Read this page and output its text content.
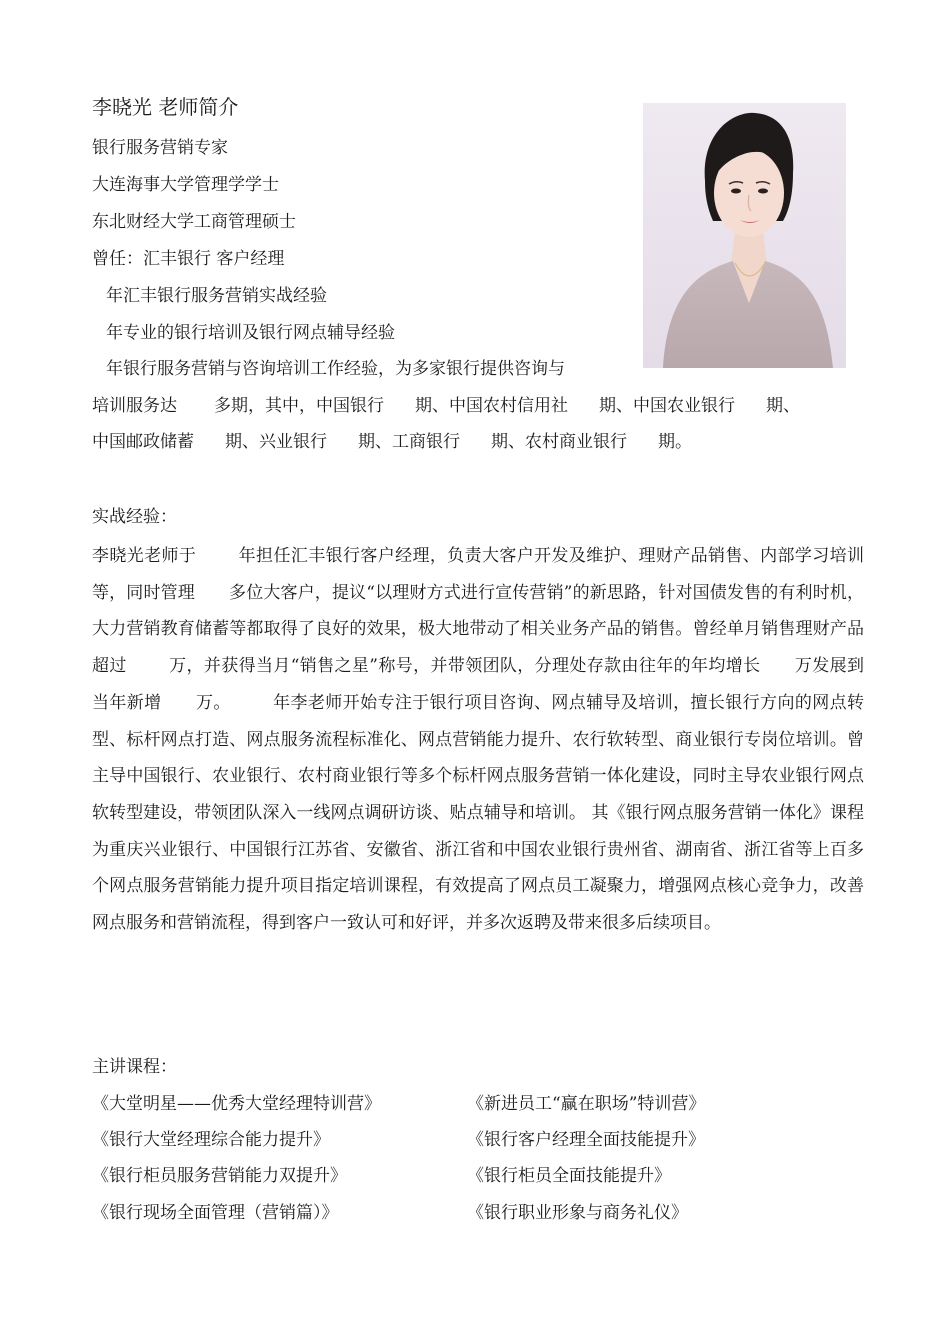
李晓光 老师简介
银行服务营销专家
大连海事大学管理学学士
东北财经大学工商管理硕士
曾任：汇丰银行 客户经理
年汇丰银行服务营销实战经验
年专业的银行培训及银行网点辅导经验
年银行服务营销与咨询培训工作经验，为多家银行提供咨询与
培训服务达 多期，其中，中国银行 期、中国农村信用社 期、中国农业银行 期、
中国邮政储蓄 期、兴业银行 期、工商银行 期、农村商业银行 期。
实战经验：
李晓光老师于 年担任汇丰银行客户经理，负责大客户开发及维护、理财产品销售、内部学习培训等，同时管理 多位大客户，提议“以理财方式进行宣传营销”的新思路，针对国债发售的有利时机，大力营销教育储蓄等都取得了良好的效果，极大地带动了相关业务产品的销售。曾经单月销售理财产品超过 万，并获得当月“销售之星”称号，并带领团队，分理处存款由往年的年均增长 万发展到当年新增 万。 年李老师开始专注于银行项目咨询、网点辅导及培训，擅长银行方向的网点转型、标杆网点打造、网点服务流程标准化、网点营销能力提升、农行软转型、商业银行专岗位培训。曾主导中国银行、农业银行、农村商业银行等多个标杆网点服务营销一体化建设，同时主导农业银行网点软转型建设，带领团队深入一线网点调研访谈、贴点辅导和培训。 其《银行网点服务营销一体化》课程为重庆兴业银行、中国银行江苏省、安徽省、浙江省和中国农业银行贵州省、湖南省、浙江省等上百多个网点服务营销能力提升项目指定培训课程，有效提高了网点员工凝聚力，增强网点核心竞争力，改善网点服务和营销流程，得到客户一致认可和好评，并多次返聘及带来很多后续项目。
主讲课程：
《大堂明星——优秀大堂经理特训营》
《银行大堂经理综合能力提升》
《银行柜员服务营销能力双提升》
《银行现场全面管理（营销篇）》
《新进员工“赢在职场”特训营》
《银行客户经理全面技能提升》
《银行柜员全面技能提升》
《银行职业形象与商务礼仪》
